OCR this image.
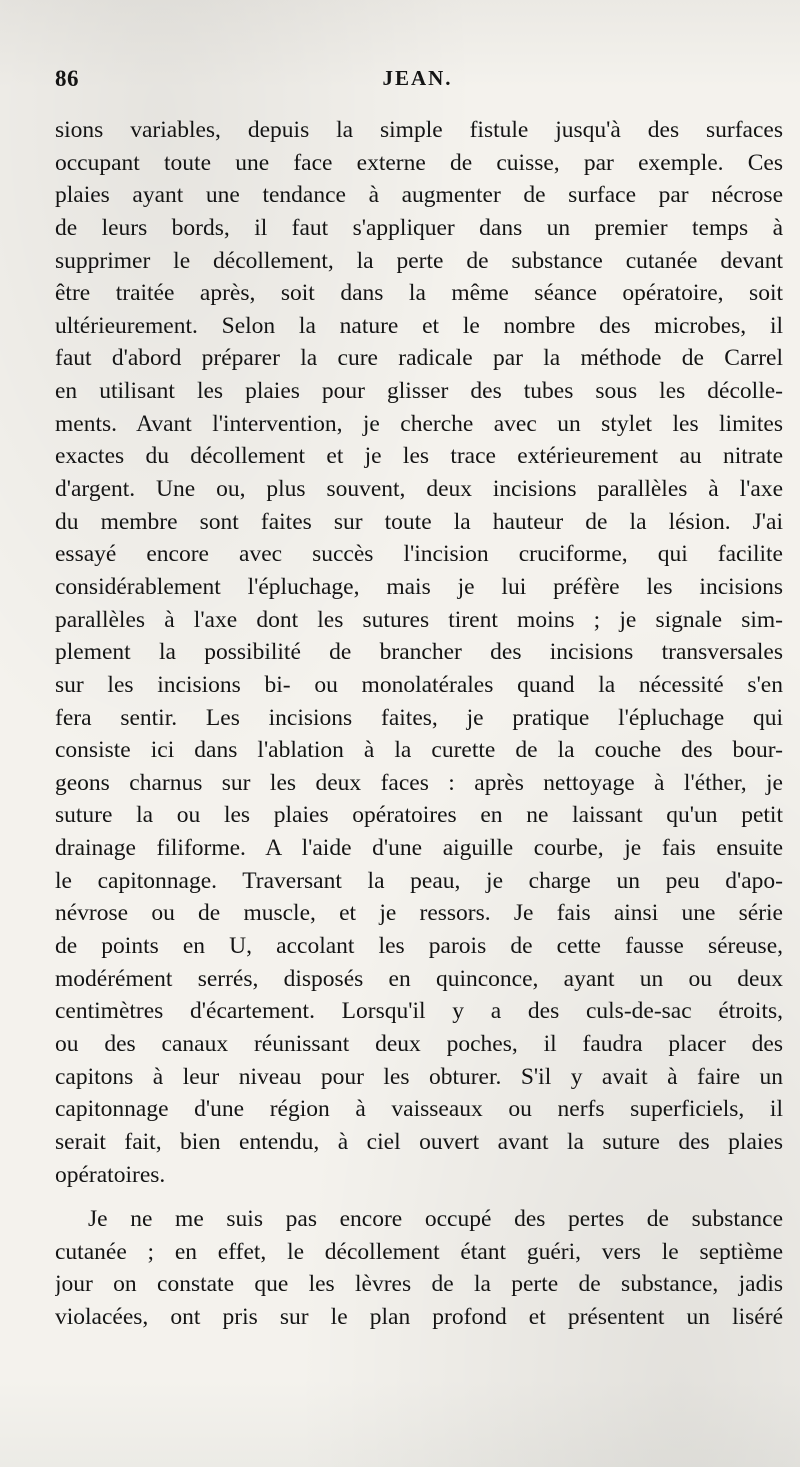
86	JEAN.
sions variables, depuis la simple fistule jusqu'à des surfaces
occupant toute une face externe de cuisse, par exemple. Ces
plaies ayant une tendance à augmenter de surface par nécrose
de leurs bords, il faut s'appliquer dans un premier temps à
supprimer le décollement, la perte de substance cutanée devant
être traitée après, soit dans la même séance opératoire, soit
ultérieurement. Selon la nature et le nombre des microbes, il
faut d'abord préparer la cure radicale par la méthode de Carrel
en utilisant les plaies pour glisser des tubes sous les décolle-
ments. Avant l'intervention, je cherche avec un stylet les limites
exactes du décollement et je les trace extérieurement au nitrate
d'argent. Une ou, plus souvent, deux incisions parallèles à l'axe
du membre sont faites sur toute la hauteur de la lésion. J'ai
essayé encore avec succès l'incision cruciforme, qui facilite
considérablement l'épluchage, mais je lui préfère les incisions
parallèles à l'axe dont les sutures tirent moins ; je signale sim-
plement la possibilité de brancher des incisions transversales
sur les incisions bi- ou monolatérales quand la nécessité s'en
fera sentir. Les incisions faites, je pratique l'épluchage qui
consiste ici dans l'ablation à la curette de la couche des bour-
geons charnus sur les deux faces : après nettoyage à l'éther, je
suture la ou les plaies opératoires en ne laissant qu'un petit
drainage filiforme. A l'aide d'une aiguille courbe, je fais ensuite
le capitonnage. Traversant la peau, je charge un peu d'apo-
névrose ou de muscle, et je ressors. Je fais ainsi une série
de points en U, accolant les parois de cette fausse séreuse,
modérément serrés, disposés en quinconce, ayant un ou deux
centimètres d'écartement. Lorsqu'il y a des culs-de-sac étroits,
ou des canaux réunissant deux poches, il faudra placer des
capitons à leur niveau pour les obturer. S'il y avait à faire un
capitonnage d'une région à vaisseaux ou nerfs superficiels, il
serait fait, bien entendu, à ciel ouvert avant la suture des plaies
opératoires.
Je ne me suis pas encore occupé des pertes de substance
cutanée ; en effet, le décollement étant guéri, vers le septième
jour on constate que les lèvres de la perte de substance, jadis
violacées, ont pris sur le plan profond et présentent un liséré
